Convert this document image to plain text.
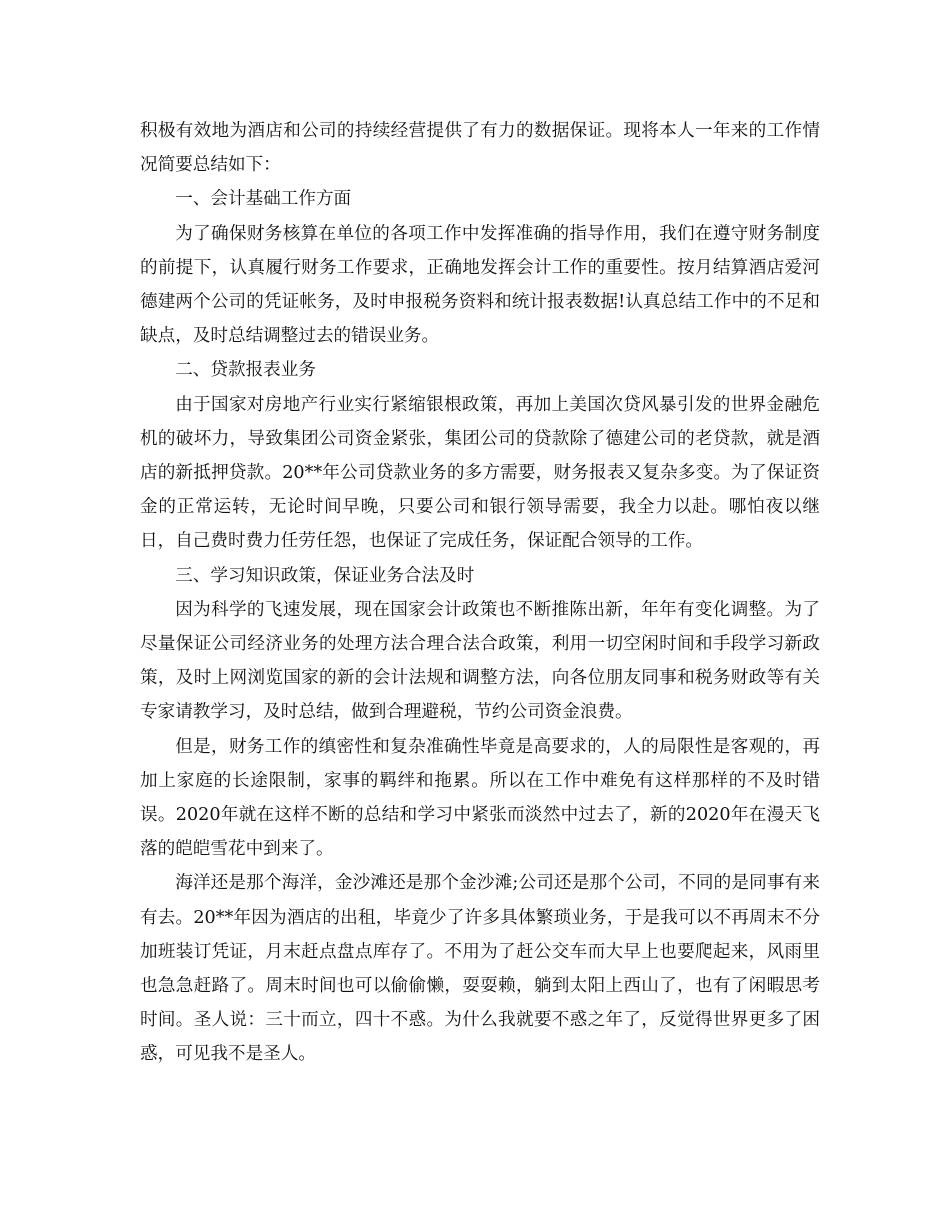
积极有效地为酒店和公司的持续经营提供了有力的数据保证。现将本人一年来的工作情况简要总结如下：

一、会计基础工作方面

为了确保财务核算在单位的各项工作中发挥准确的指导作用，我们在遵守财务制度的前提下，认真履行财务工作要求，正确地发挥会计工作的重要性。按月结算酒店爱河德建两个公司的凭证帐务，及时申报税务资料和统计报表数据!认真总结工作中的不足和缺点，及时总结调整过去的错误业务。

二、贷款报表业务

由于国家对房地产行业实行紧缩银根政策，再加上美国次贷风暴引发的世界金融危机的破坏力，导致集团公司资金紧张，集团公司的贷款除了德建公司的老贷款，就是酒店的新抵押贷款。20**年公司贷款业务的多方需要，财务报表又复杂多变。为了保证资金的正常运转，无论时间早晚，只要公司和银行领导需要，我全力以赴。哪怕夜以继日，自己费时费力任劳任怨，也保证了完成任务，保证配合领导的工作。

三、学习知识政策，保证业务合法及时

因为科学的飞速发展，现在国家会计政策也不断推陈出新，年年有变化调整。为了尽量保证公司经济业务的处理方法合理合法合政策，利用一切空闲时间和手段学习新政策，及时上网浏览国家的新的会计法规和调整方法，向各位朋友同事和税务财政等有关专家请教学习，及时总结，做到合理避税，节约公司资金浪费。

但是，财务工作的缜密性和复杂准确性毕竟是高要求的，人的局限性是客观的，再加上家庭的长途限制，家事的羁绊和拖累。所以在工作中难免有这样那样的不及时错误。2020年就在这样不断的总结和学习中紧张而淡然中过去了，新的2020年在漫天飞落的皑皑雪花中到来了。

海洋还是那个海洋，金沙滩还是那个金沙滩;公司还是那个公司，不同的是同事有来有去。20**年因为酒店的出租，毕竟少了许多具体繁琐业务，于是我可以不再周末不分加班装订凭证，月末赶点盘点库存了。不用为了赶公交车而大早上也要爬起来，风雨里也急急赶路了。周末时间也可以偷偷懒，耍耍赖，躺到太阳上西山了，也有了闲暇思考时间。圣人说：三十而立，四十不惑。为什么我就要不惑之年了，反觉得世界更多了困惑，可见我不是圣人。
